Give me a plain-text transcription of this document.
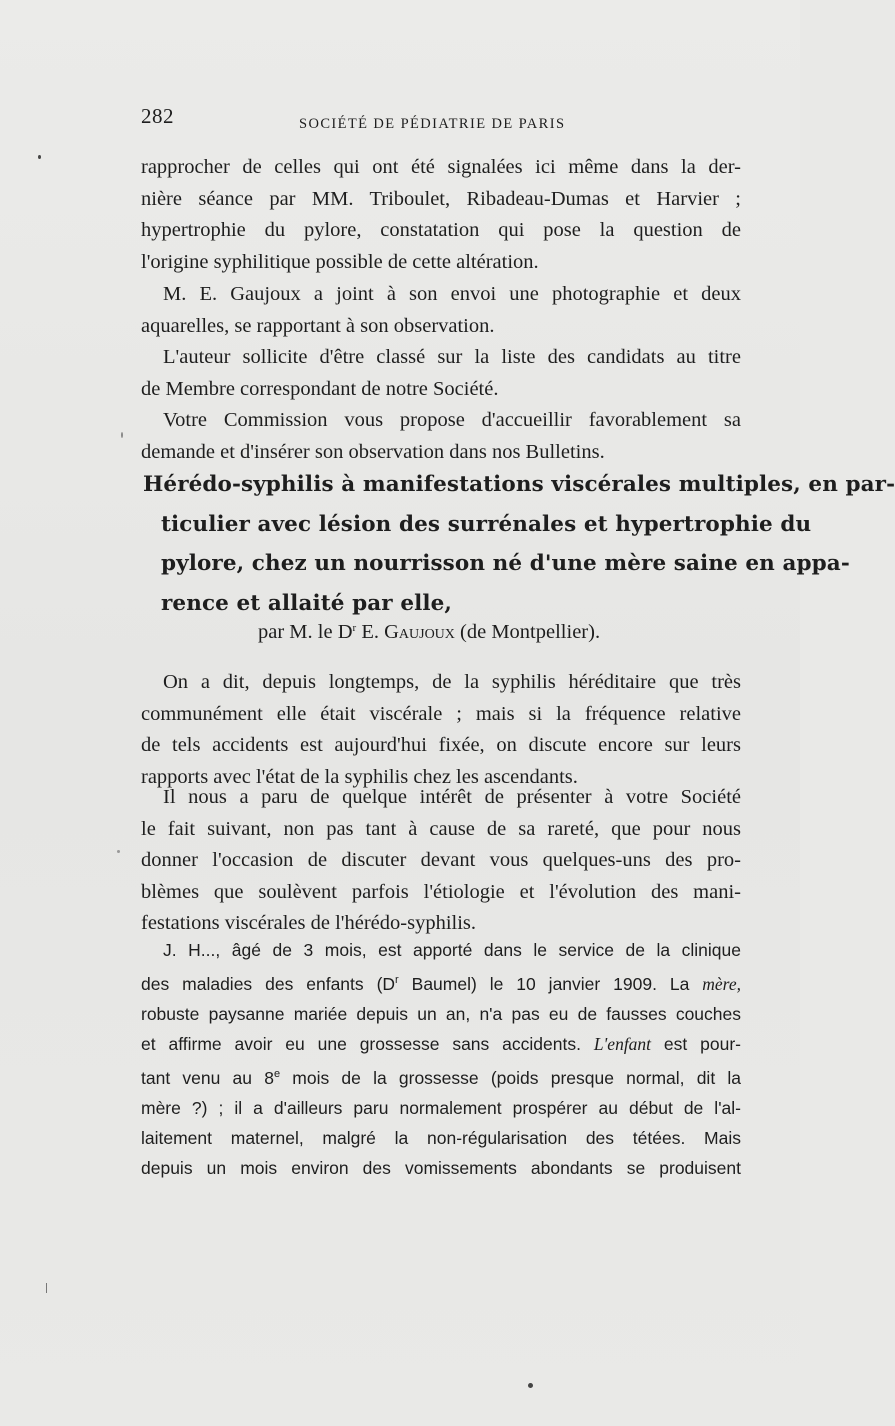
282	SOCIÉTÉ DE PÉDIATRIE DE PARIS

rapprocher de celles qui ont été signalées ici même dans la der-
nière séance par MM. Triboulet, Ribadeau-Dumas et Harvier ;
hypertrophie du pylore, constatation qui pose la question de
l'origine syphilitique possible de cette altération.

M. E. Gaujoux a joint à son envoi une photographie et deux
aquarelles, se rapportant à son observation.

L'auteur sollicite d'être classé sur la liste des candidats au titre
de Membre correspondant de notre Société.

Votre Commission vous propose d'accueillir favorablement sa
demande et d'insérer son observation dans nos Bulletins.

Hérédo-syphilis à manifestations viscérales multiples, en par-
ticulier avec lésion des surrénales et hypertrophie du
pylore, chez un nourrisson né d'une mère saine en appa-
rence et allaité par elle,
par M. le $D^r$ E. Gaujoux (de Montpellier).

On a dit, depuis longtemps, de la syphilis héréditaire que très
communément elle était viscérale ; mais si la fréquence relative
de tels accidents est aujourd'hui fixée, on discute encore sur leurs
rapports avec l'état de la syphilis chez les ascendants.

Il nous a paru de quelque intérêt de présenter à votre Société
le fait suivant, non pas tant à cause de sa rareté, que pour nous
donner l'occasion de discuter devant vous quelques-uns des pro-
blèmes que soulèvent parfois l'étiologie et l'évolution des mani-
festations viscérales de l'hérédo-syphilis.

J. H..., âgé de 3 mois, est apporté dans le service de la clinique
des maladies des enfants ($D^r$ Baumel) le 10 janvier 1909. La mère,
robuste paysanne mariée depuis un an, n'a pas eu de fausses couches
et affirme avoir eu une grossesse sans accidents. L'enfant est pour-
tant venu au 8e mois de la grossesse (poids presque normal, dit la
mère ?) ; il a d'ailleurs paru normalement prospérer au début de l'al-
laitement maternel, malgré la non-régularisation des tétées. Mais
depuis un mois environ des vomissements abondants se produisent
